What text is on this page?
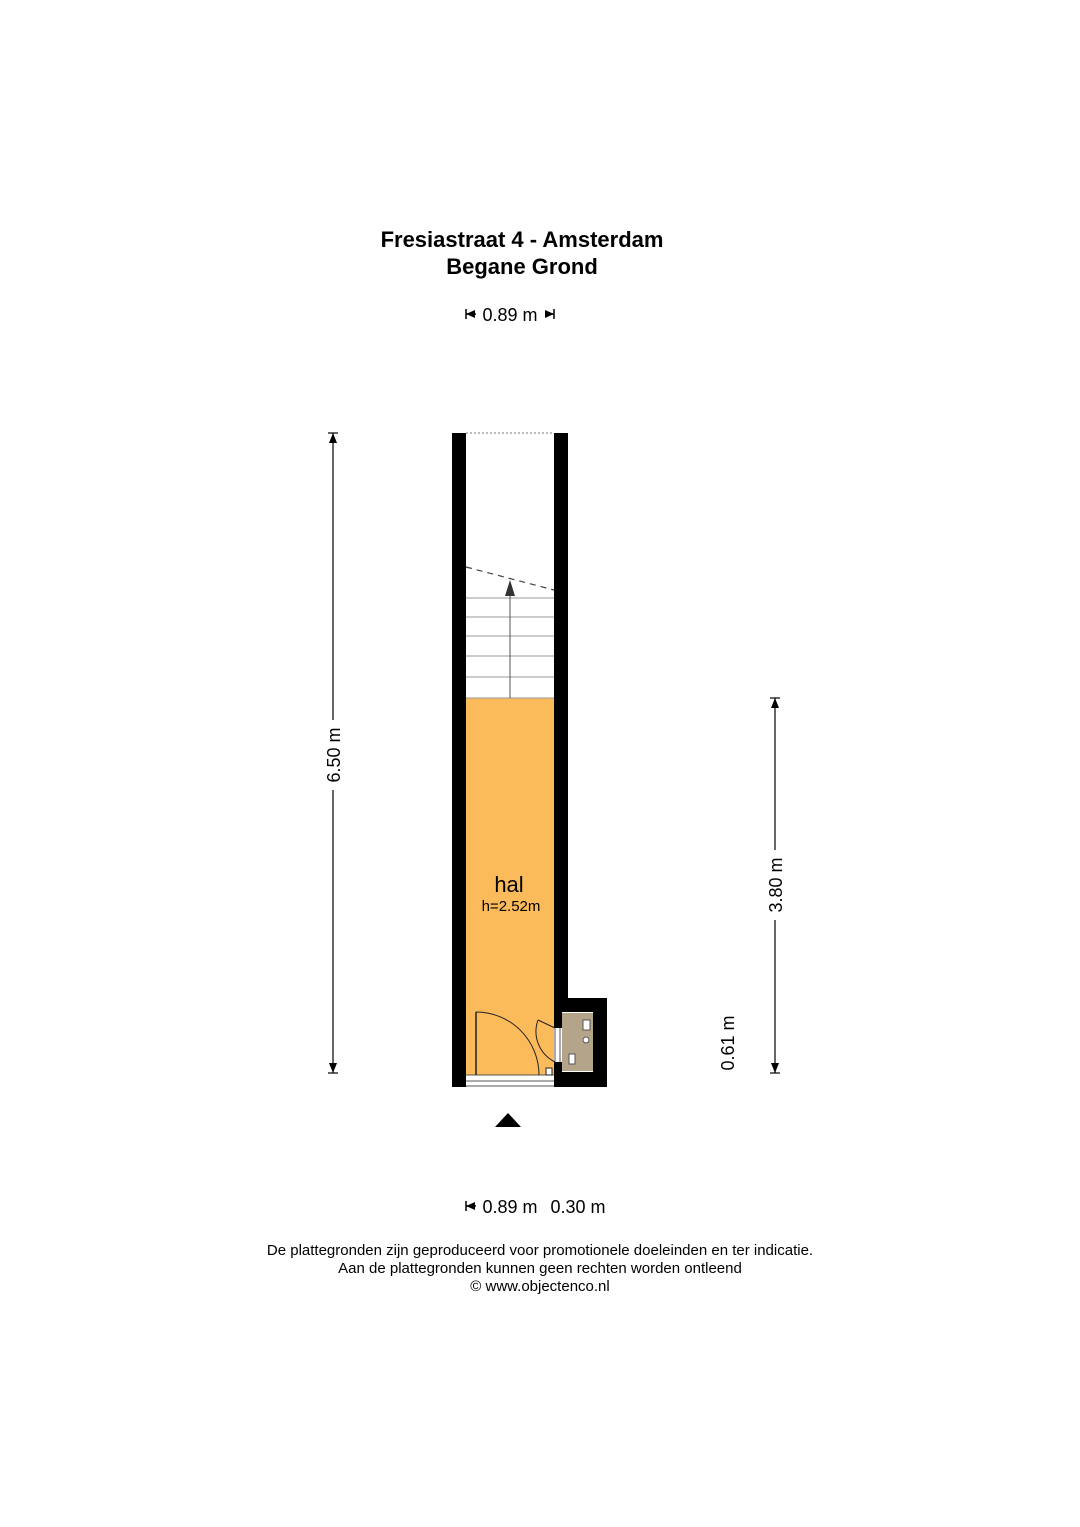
Fresiastraat 4 - Amsterdam
Begane Grond
0.89 m
6.50 m
3.80 m
0.61 m
hal
h=2.52m
0.89 m 0.30 m
De plattegronden zijn geproduceerd voor promotionele doeleinden en ter indicatie.
Aan de plattegronden kunnen geen rechten worden ontleend
© www.objectenco.nl
